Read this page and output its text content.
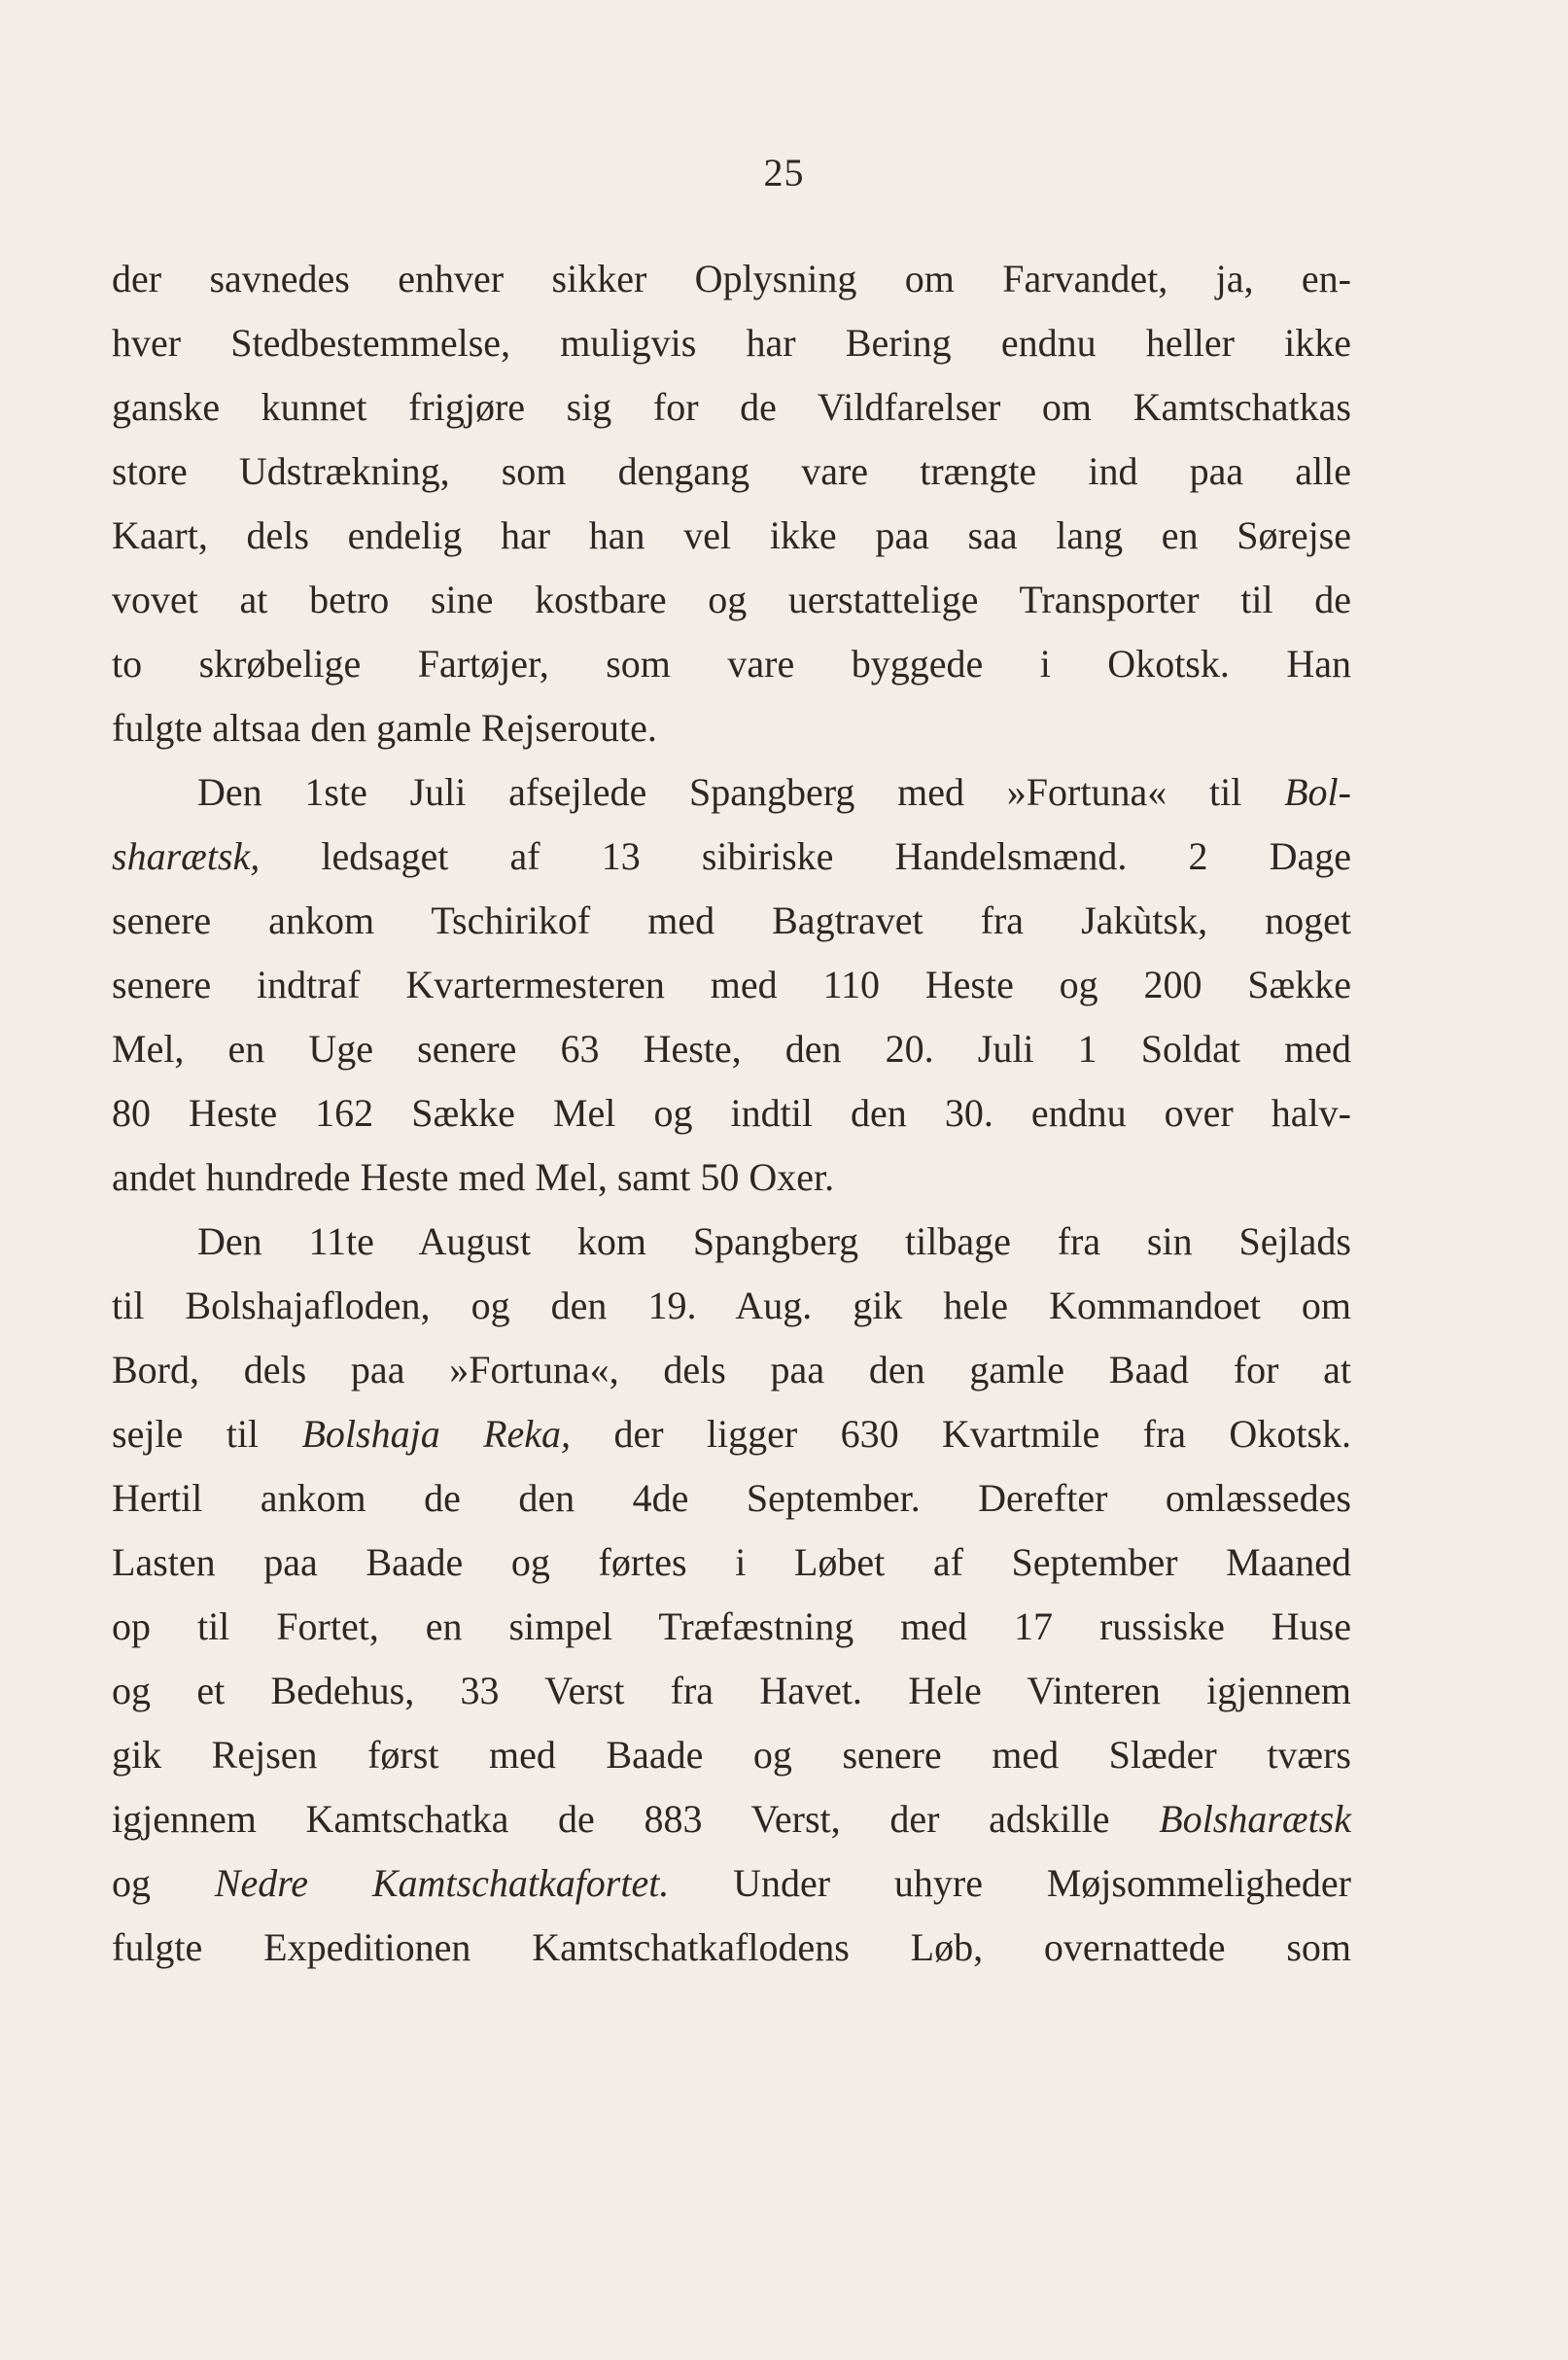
25
der savnedes enhver sikker Oplysning om Farvandet, ja, en-
hver Stedbestemmelse, muligvis har Bering endnu heller ikke
ganske kunnet frigjøre sig for de Vildfarelser om Kamtschatkas
store Udstrækning, som dengang vare trængte ind paa alle
Kaart, dels endelig har han vel ikke paa saa lang en Sørejse
vovet at betro sine kostbare og uerstattelige Transporter til de
to skrøbelige Fartøjer, som vare byggede i Okotsk. Han
fulgte altsaa den gamle Rejseroute.
Den 1ste Juli afsejlede Spangberg med »Fortuna« til Bol-
sharætsk, ledsaget af 13 sibiriske Handelsmænd. 2 Dage
senere ankom Tschirikof med Bagtravet fra Jakùtsk, noget
senere indtraf Kvartermesteren med 110 Heste og 200 Sække
Mel, en Uge senere 63 Heste, den 20. Juli 1 Soldat med
80 Heste 162 Sække Mel og indtil den 30. endnu over halv-
andet hundrede Heste med Mel, samt 50 Oxer.
Den 11te August kom Spangberg tilbage fra sin Sejlads
til Bolshajafloden, og den 19. Aug. gik hele Kommandoet om
Bord, dels paa »Fortuna«, dels paa den gamle Baad for at
sejle til Bolshaja Reka, der ligger 630 Kvartmile fra Okotsk.
Hertil ankom de den 4de September. Derefter omlæssedes
Lasten paa Baade og førtes i Løbet af September Maaned
op til Fortet, en simpel Træfæstning med 17 russiske Huse
og et Bedehus, 33 Verst fra Havet. Hele Vinteren igjennem
gik Rejsen først med Baade og senere med Slæder tværs
igjennem Kamtschatka de 883 Verst, der adskille Bolsharætsk
og Nedre Kamtschatkafortet. Under uhyre Møjsommeligheder
fulgte Expeditionen Kamtschatkaflodens Løb, overnattede som
